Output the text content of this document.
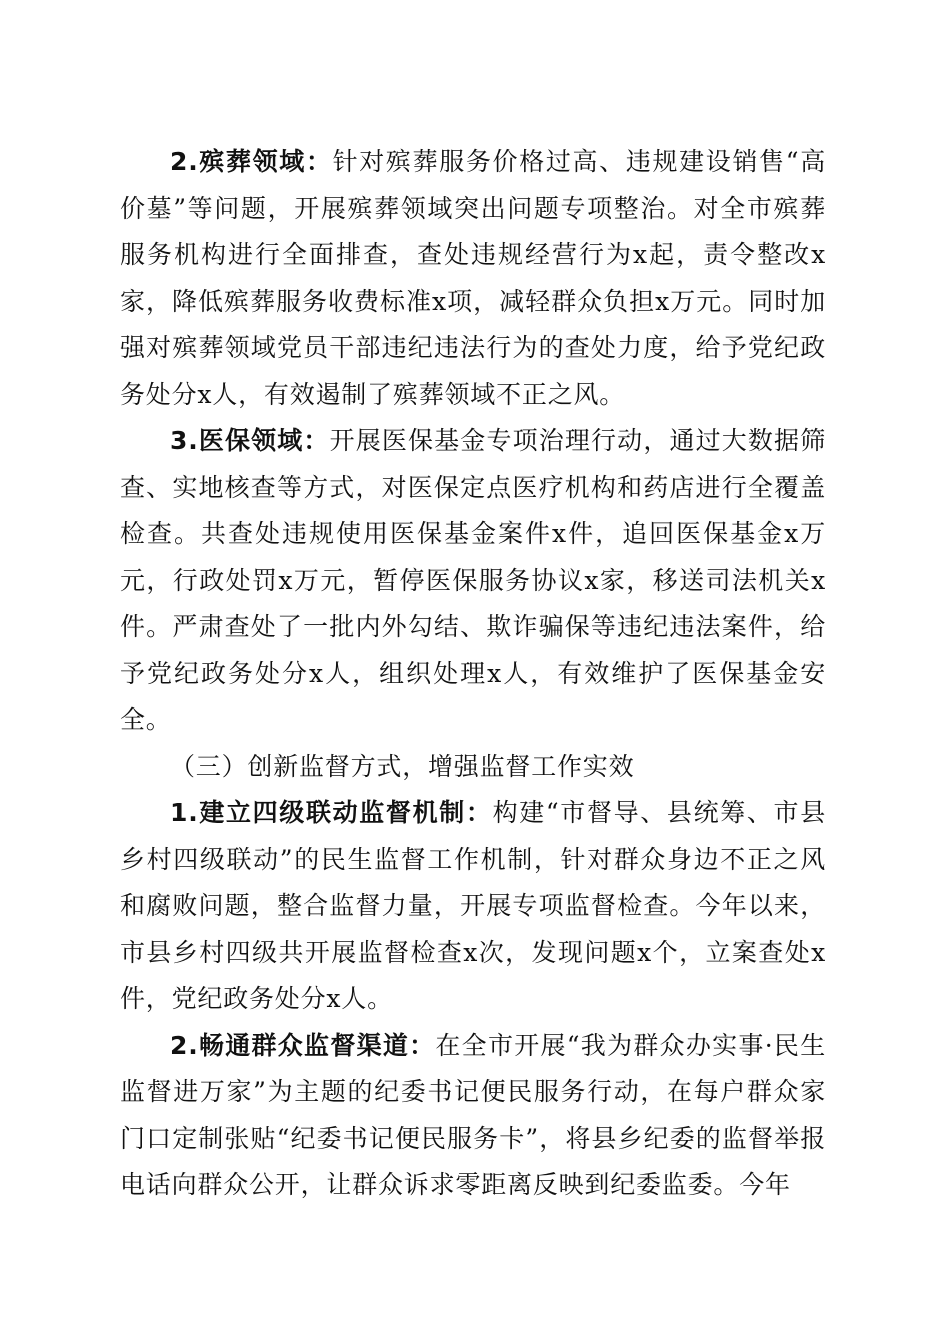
2.殡葬领域：针对殡葬服务价格过高、违规建设销售“高价墓”等问题，开展殡葬领域突出问题专项整治。对全市殡葬服务机构进行全面排查，查处违规经营行为x起，责令整改x家，降低殡葬服务收费标准x项，减轻群众负担x万元。同时加强对殡葬领域党员干部违纪违法行为的查处力度，给予党纪政务处分x人，有效遏制了殡葬领域不正之风。

3.医保领域：开展医保基金专项治理行动，通过大数据筛查、实地核查等方式，对医保定点医疗机构和药店进行全覆盖检查。共查处违规使用医保基金案件x件，追回医保基金x万元，行政处罚x万元，暂停医保服务协议x家，移送司法机关x件。严肃查处了一批内外勾结、欺诈骗保等违纪违法案件，给予党纪政务处分x人，组织处理x人，有效维护了医保基金安全。

（三）创新监督方式，增强监督工作实效

1.建立四级联动监督机制：构建“市督导、县统筹、市县乡村四级联动”的民生监督工作机制，针对群众身边不正之风和腐败问题，整合监督力量，开展专项监督检查。今年以来，市县乡村四级共开展监督检查x次，发现问题x个，立案查处x件，党纪政务处分x人。

2.畅通群众监督渠道：在全市开展“我为群众办实事·民生监督进万家”为主题的纪委书记便民服务行动，在每户群众家门口定制张贴“纪委书记便民服务卡”，将县乡纪委的监督举报电话向群众公开，让群众诉求零距离反映到纪委监委。今年
